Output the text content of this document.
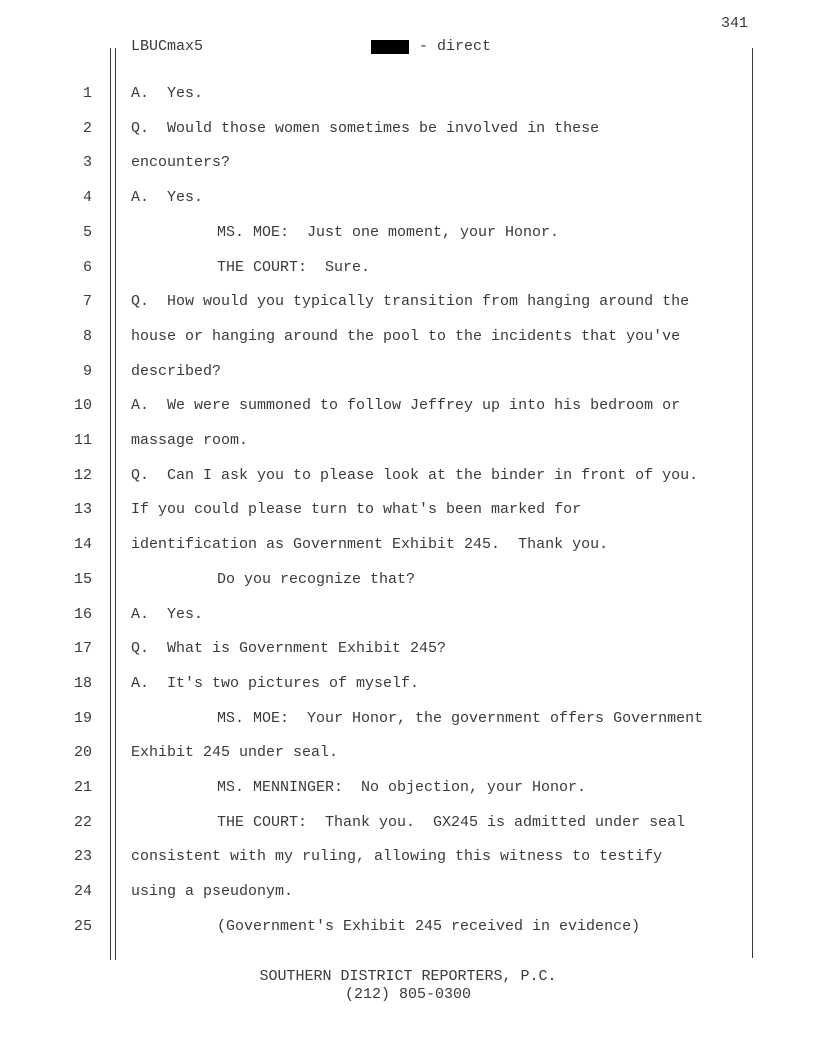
341
LBUCmax5	- direct
1	A.  Yes.
2	Q.  Would those women sometimes be involved in these
3	encounters?
4	A.  Yes.
5	MS. MOE:  Just one moment, your Honor.
6	THE COURT:  Sure.
7	Q.  How would you typically transition from hanging around the
8	house or hanging around the pool to the incidents that you've
9	described?
10	A.  We were summoned to follow Jeffrey up into his bedroom or
11	massage room.
12	Q.  Can I ask you to please look at the binder in front of you.
13	If you could please turn to what's been marked for
14	identification as Government Exhibit 245.  Thank you.
15	Do you recognize that?
16	A.  Yes.
17	Q.  What is Government Exhibit 245?
18	A.  It's two pictures of myself.
19	MS. MOE:  Your Honor, the government offers Government
20	Exhibit 245 under seal.
21	MS. MENNINGER:  No objection, your Honor.
22	THE COURT:  Thank you.  GX245 is admitted under seal
23	consistent with my ruling, allowing this witness to testify
24	using a pseudonym.
25	(Government's Exhibit 245 received in evidence)
SOUTHERN DISTRICT REPORTERS, P.C.
(212) 805-0300
